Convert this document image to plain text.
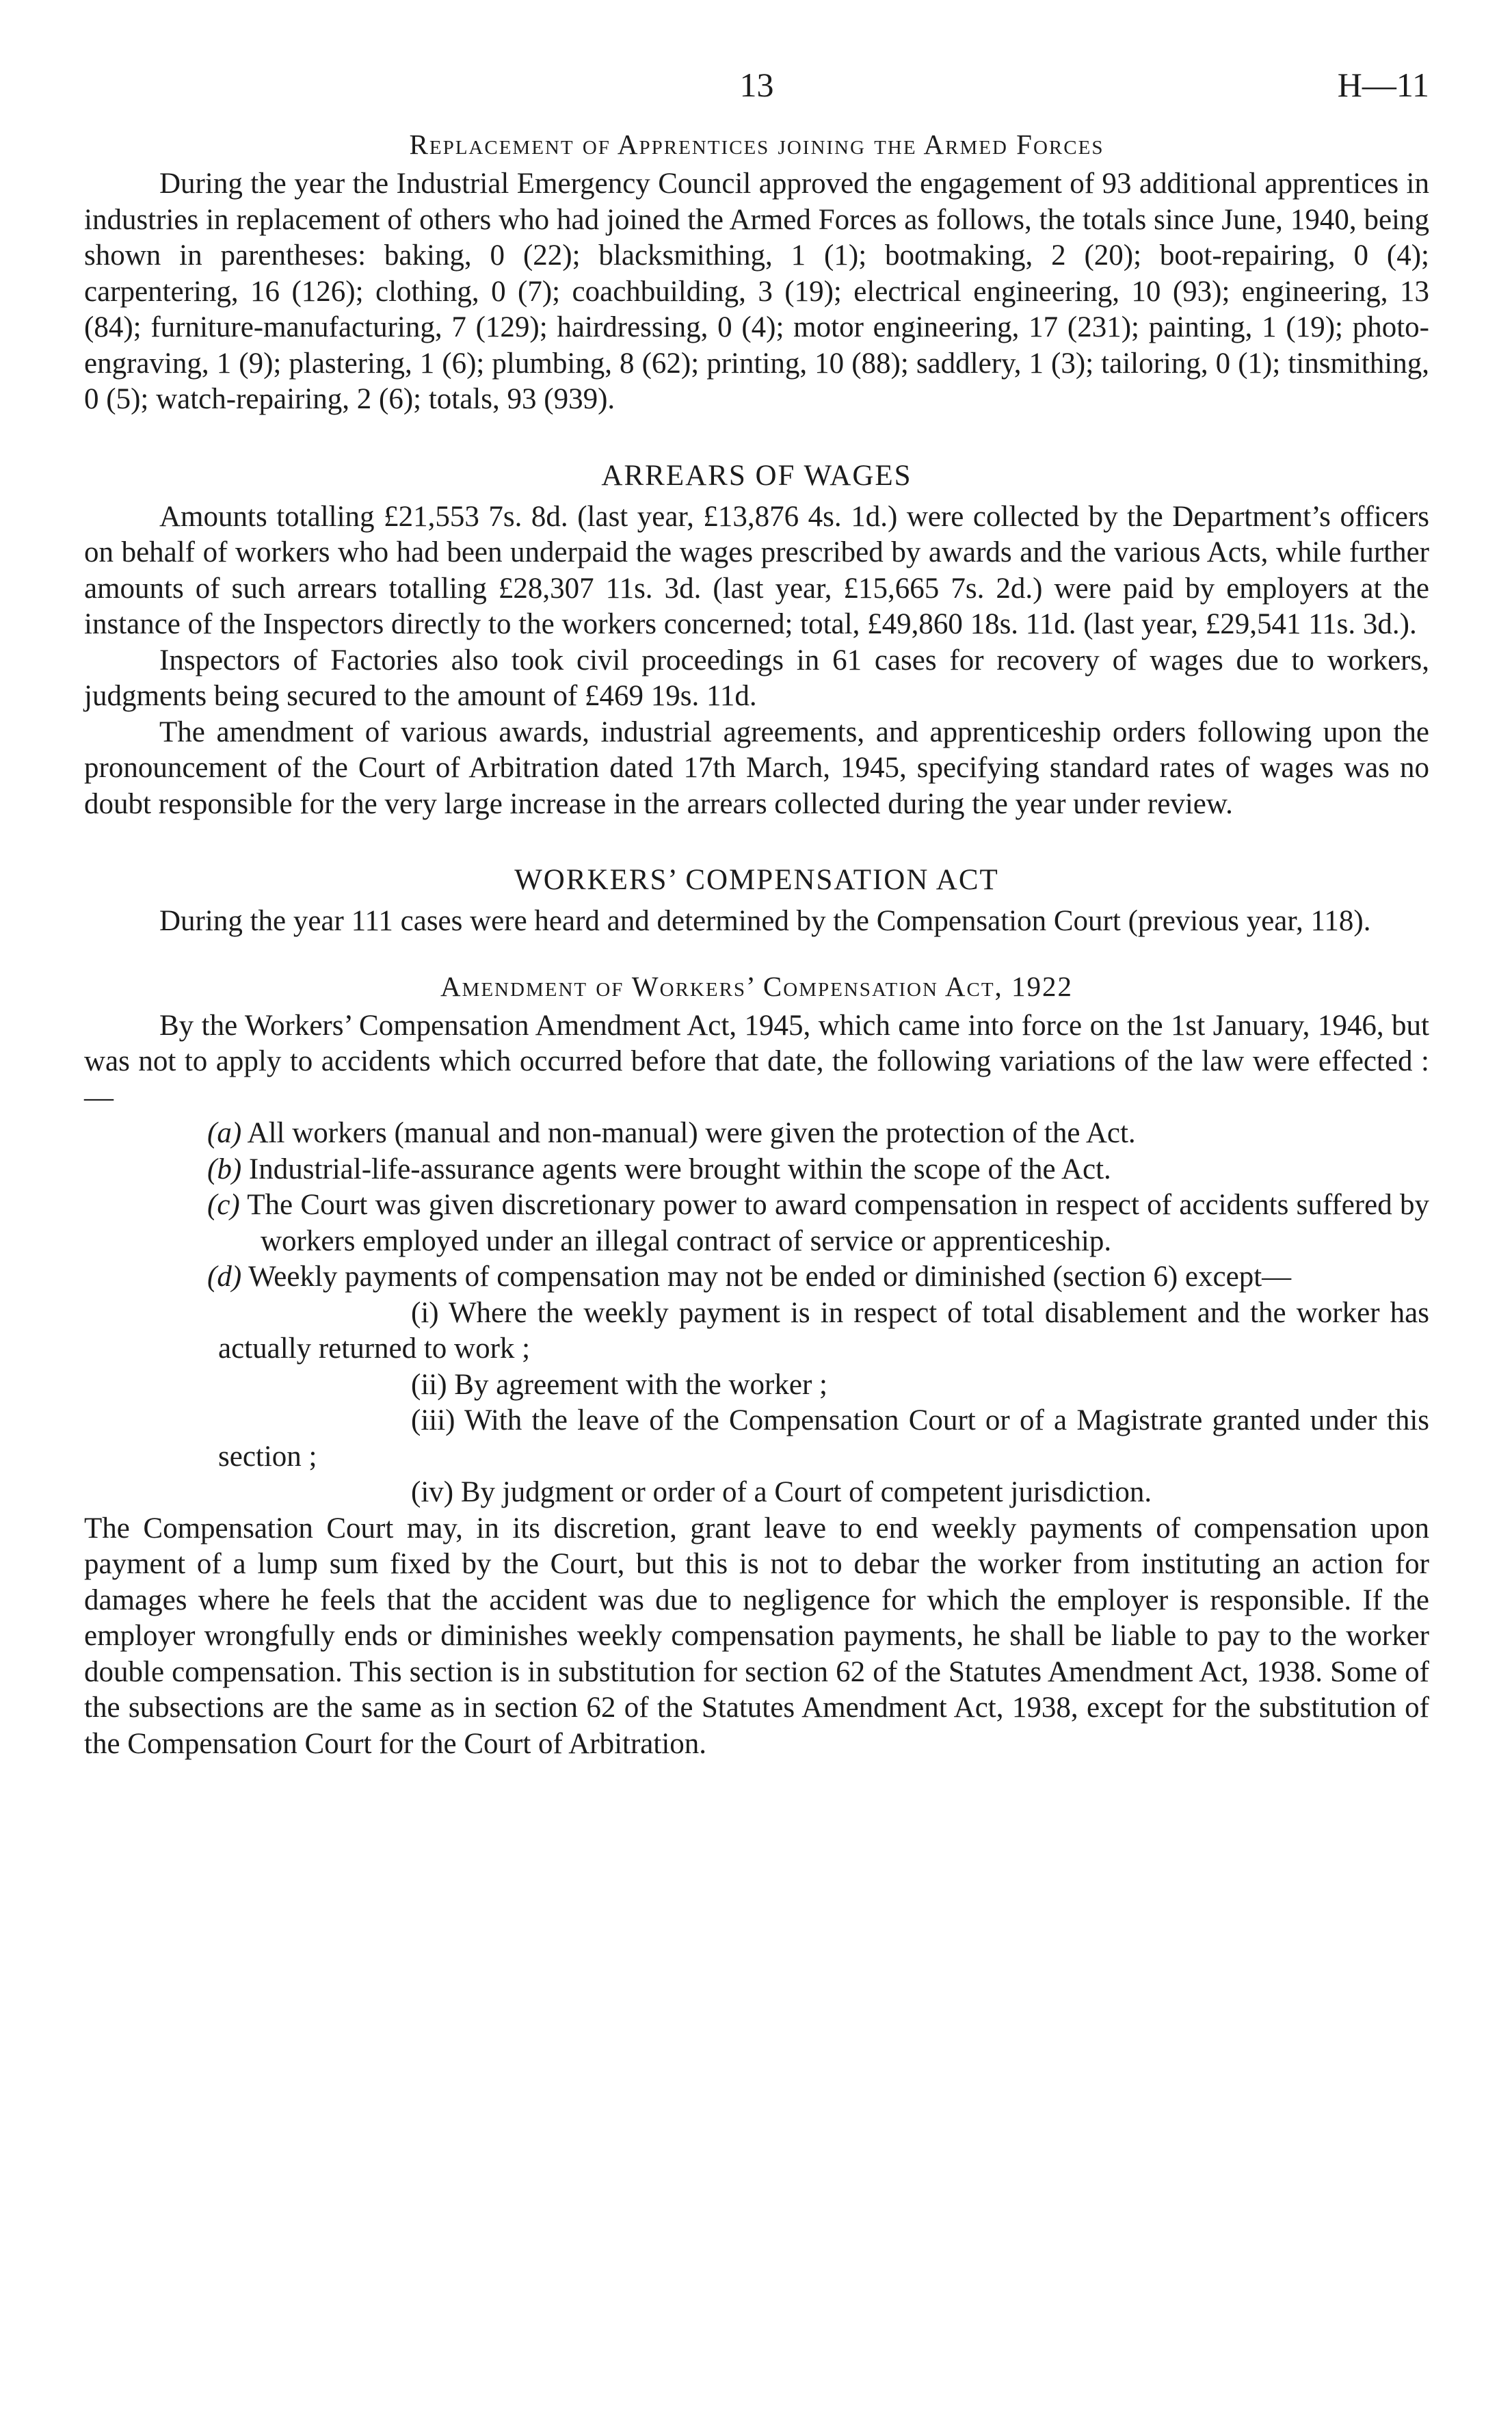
13	H—11
Replacement of Apprentices joining the Armed Forces

During the year the Industrial Emergency Council approved the engagement of 93 additional apprentices in industries in replacement of others who had joined the Armed Forces as follows, the totals since June, 1940, being shown in parentheses: baking, 0 (22); blacksmithing, 1 (1); bootmaking, 2 (20); boot-repairing, 0 (4); carpentering, 16 (126); clothing, 0 (7); coachbuilding, 3 (19); electrical engineering, 10 (93); engineering, 13 (84); furniture-manufacturing, 7 (129); hairdressing, 0 (4); motor engineering, 17 (231); painting, 1 (19); photo-engraving, 1 (9); plastering, 1 (6); plumbing, 8 (62); printing, 10 (88); saddlery, 1 (3); tailoring, 0 (1); tinsmithing, 0 (5); watch-repairing, 2 (6); totals, 93 (939).

ARREARS OF WAGES

Amounts totalling £21,553 7s. 8d. (last year, £13,876 4s. 1d.) were collected by the Department’s officers on behalf of workers who had been underpaid the wages prescribed by awards and the various Acts, while further amounts of such arrears totalling £28,307 11s. 3d. (last year, £15,665 7s. 2d.) were paid by employers at the instance of the Inspectors directly to the workers concerned; total, £49,860 18s. 11d. (last year, £29,541 11s. 3d.).

Inspectors of Factories also took civil proceedings in 61 cases for recovery of wages due to workers, judgments being secured to the amount of £469 19s. 11d.

The amendment of various awards, industrial agreements, and apprenticeship orders following upon the pronouncement of the Court of Arbitration dated 17th March, 1945, specifying standard rates of wages was no doubt responsible for the very large increase in the arrears collected during the year under review.

WORKERS’ COMPENSATION ACT

During the year 111 cases were heard and determined by the Compensation Court (previous year, 118).

Amendment of Workers’ Compensation Act, 1922

By the Workers’ Compensation Amendment Act, 1945, which came into force on the 1st January, 1946, but was not to apply to accidents which occurred before that date, the following variations of the law were effected :—

(a) All workers (manual and non-manual) were given the protection of the Act.
(b) Industrial-life-assurance agents were brought within the scope of the Act.
(c) The Court was given discretionary power to award compensation in respect of accidents suffered by workers employed under an illegal contract of service or apprenticeship.
(d) Weekly payments of compensation may not be ended or diminished (section 6) except—
(i) Where the weekly payment is in respect of total disablement and the worker has actually returned to work ;
(ii) By agreement with the worker ;
(iii) With the leave of the Compensation Court or of a Magistrate granted under this section ;
(iv) By judgment or order of a Court of competent jurisdiction.

The Compensation Court may, in its discretion, grant leave to end weekly payments of compensation upon payment of a lump sum fixed by the Court, but this is not to debar the worker from instituting an action for damages where he feels that the accident was due to negligence for which the employer is responsible. If the employer wrongfully ends or diminishes weekly compensation payments, he shall be liable to pay to the worker double compensation. This section is in substitution for section 62 of the Statutes Amendment Act, 1938. Some of the subsections are the same as in section 62 of the Statutes Amendment Act, 1938, except for the substitution of the Compensation Court for the Court of Arbitration.
